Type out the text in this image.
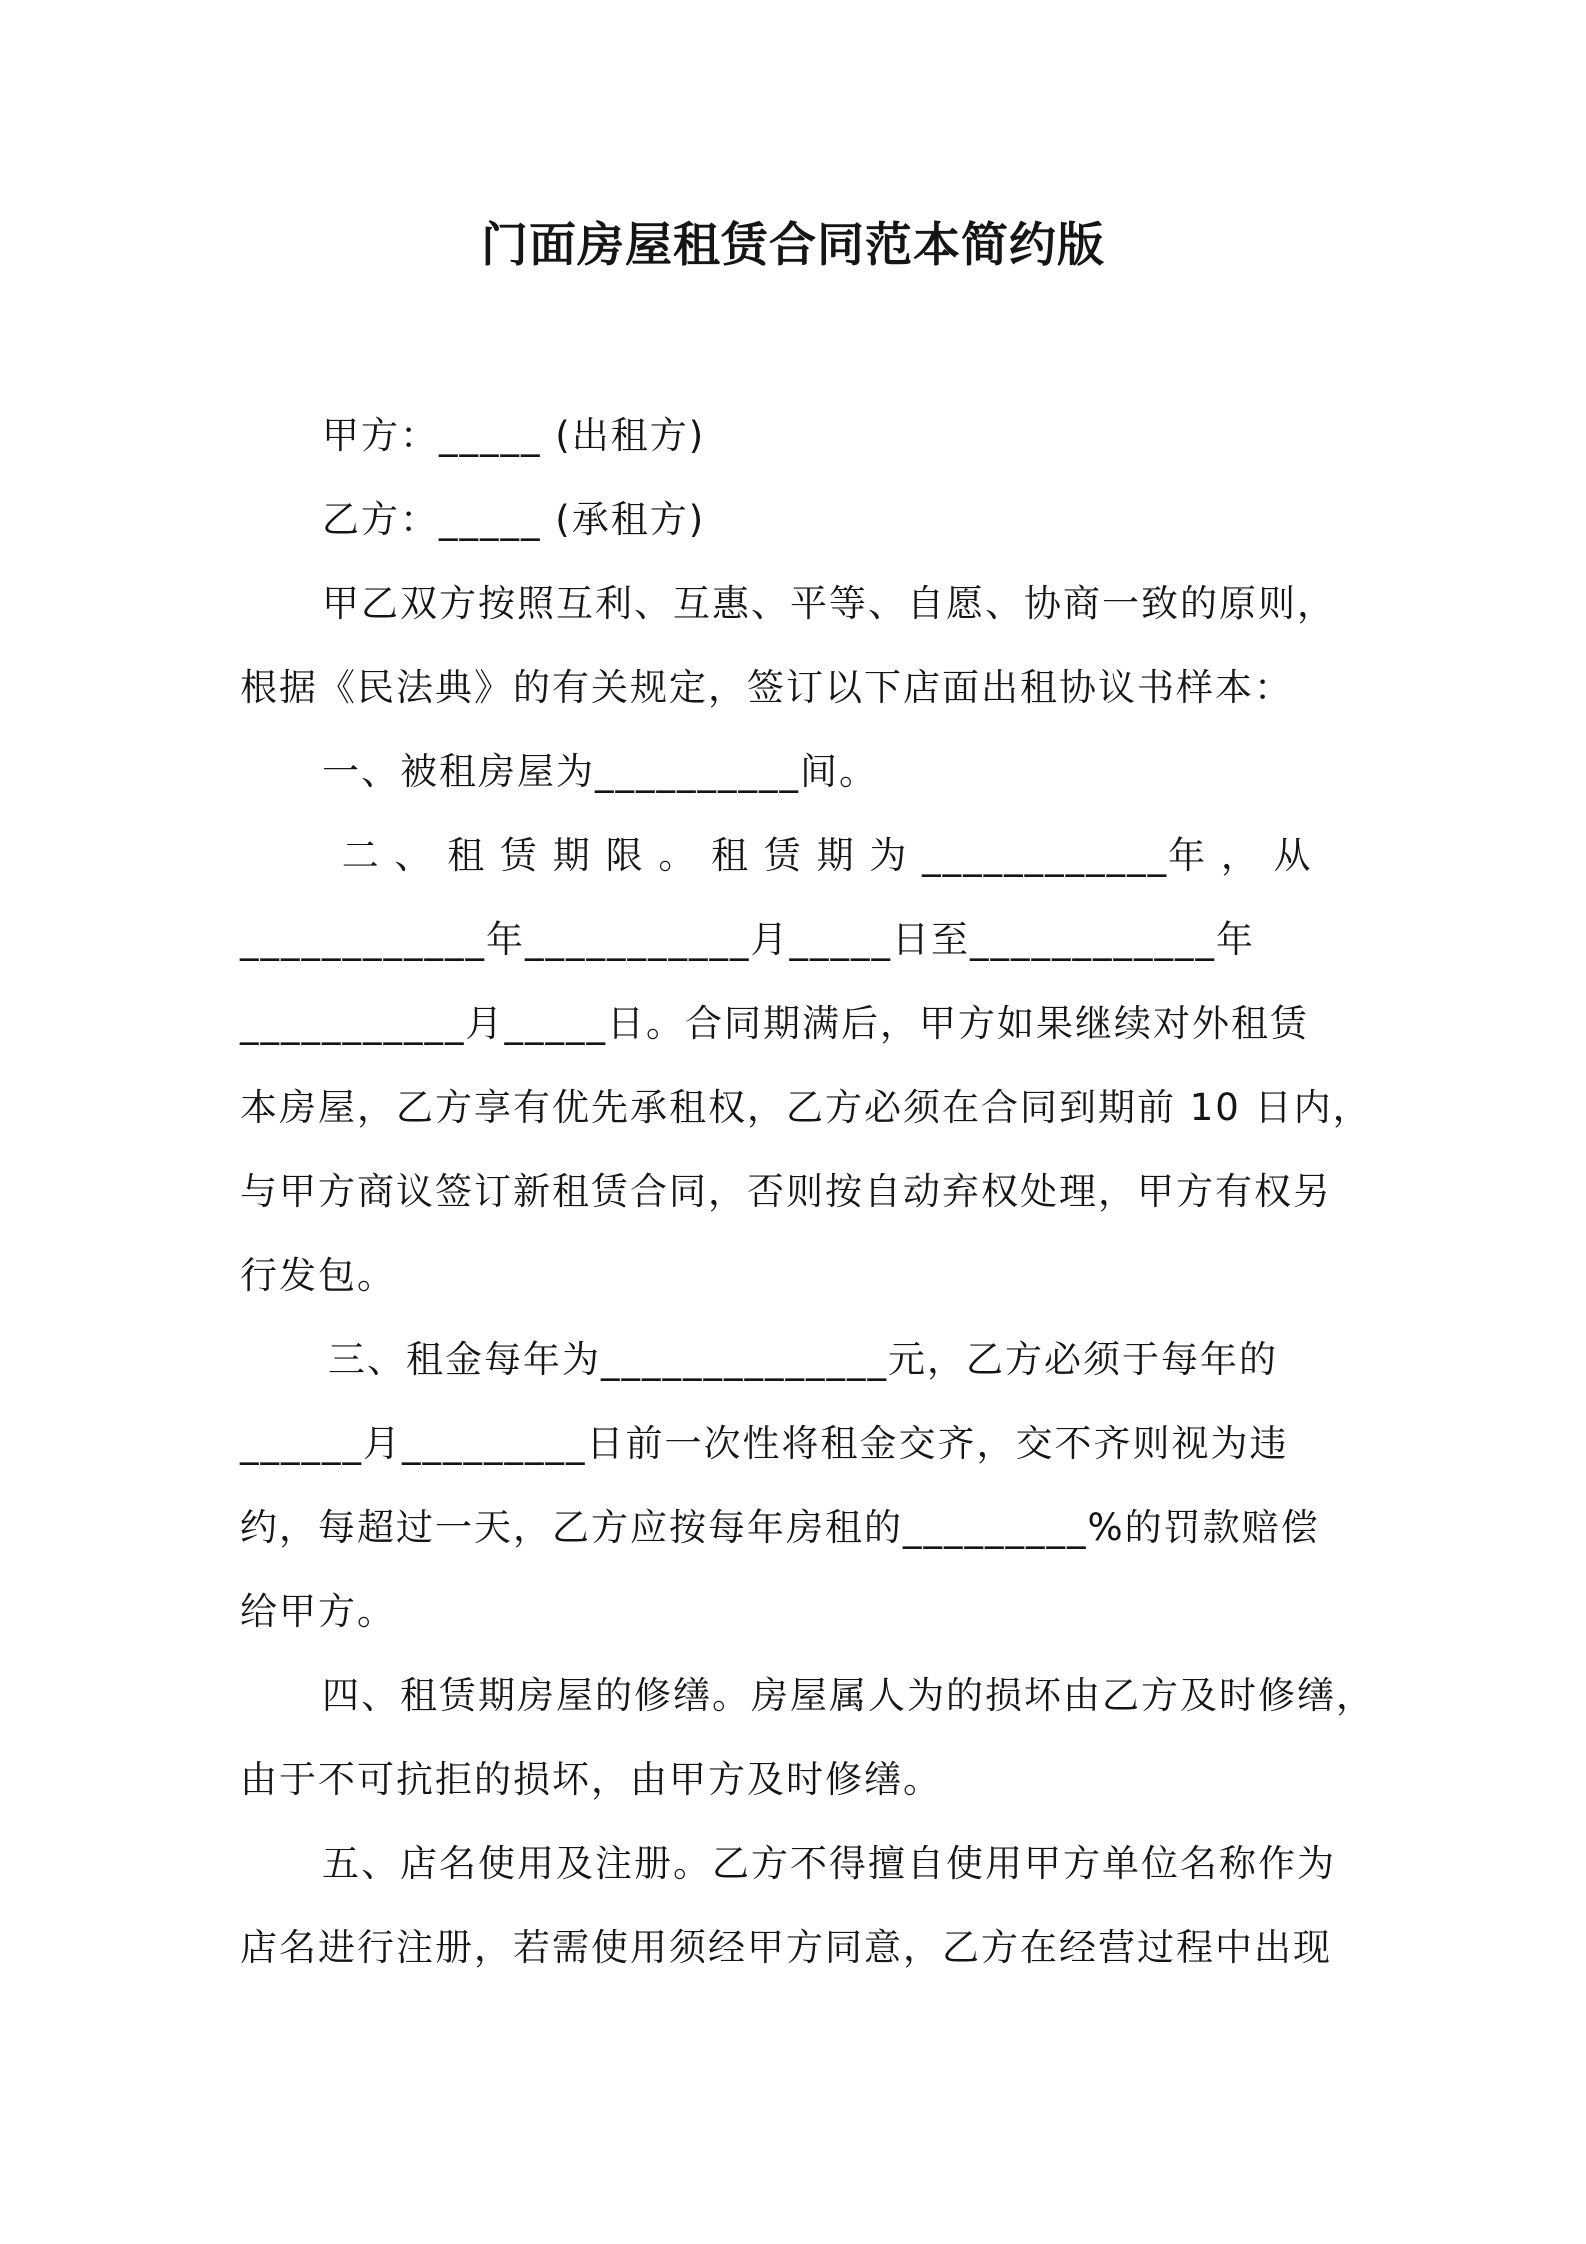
门面房屋租赁合同范本简约版
甲方：_____ (出租方)
乙方：_____ (承租方)
甲乙双方按照互利、互惠、平等、自愿、协商一致的原则，
根据《民法典》的有关规定，签订以下店面出租协议书样本：
一、被租房屋为__________间。
二 、 租 赁 期 限 。 租 赁 期 为 ____________年 ， 从
____________年___________月_____日至____________年
___________月_____日。合同期满后，甲方如果继续对外租赁
本房屋，乙方享有优先承租权，乙方必须在合同到期前 10 日内，
与甲方商议签订新租赁合同，否则按自动弃权处理，甲方有权另
行发包。
三、租金每年为______________元，乙方必须于每年的
______月_________日前一次性将租金交齐，交不齐则视为违
约，每超过一天，乙方应按每年房租的_________%的罚款赔偿
给甲方。
四、租赁期房屋的修缮。房屋属人为的损坏由乙方及时修缮，
由于不可抗拒的损坏，由甲方及时修缮。
五、店名使用及注册。乙方不得擅自使用甲方单位名称作为
店名进行注册，若需使用须经甲方同意，乙方在经营过程中出现
